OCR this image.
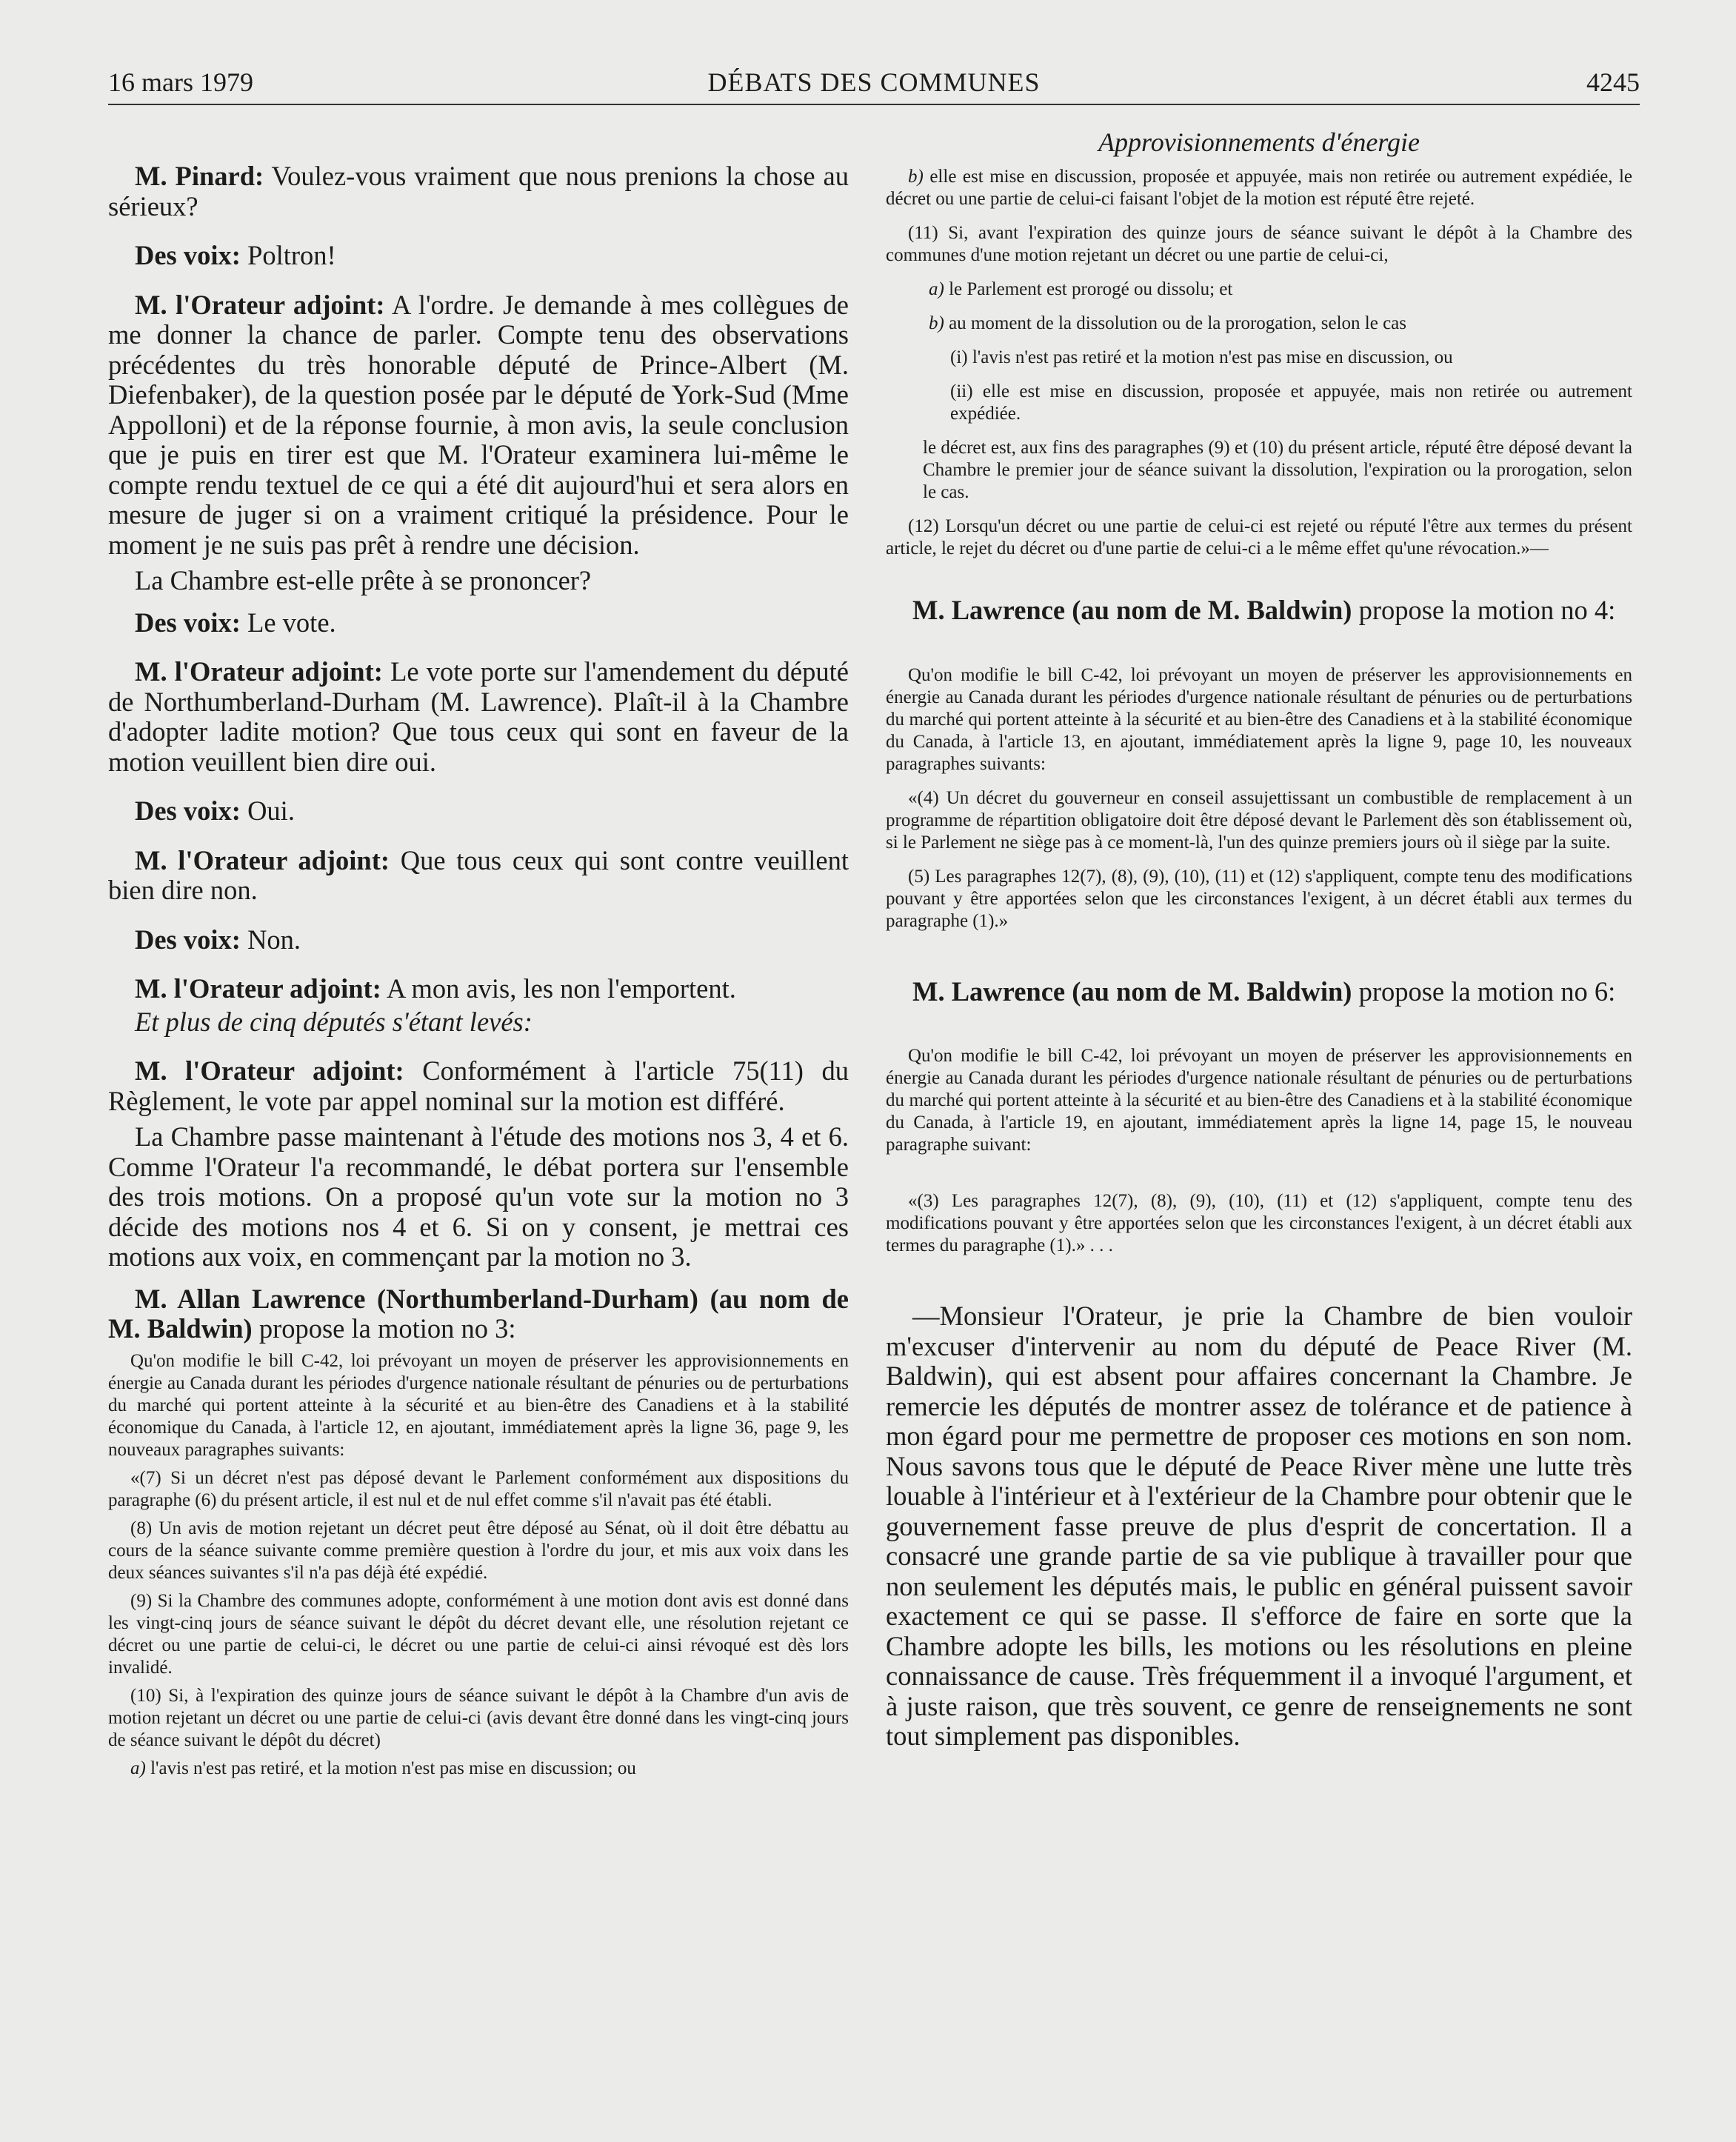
16 mars 1979	DÉBATS DES COMMUNES	4245

M. Pinard: Voulez-vous vraiment que nous prenions la chose au sérieux?

Des voix: Poltron!

M. l'Orateur adjoint: A l'ordre. Je demande à mes collègues de me donner la chance de parler. Compte tenu des observations précédentes du très honorable député de Prince-Albert (M. Diefenbaker), de la question posée par le député de York-Sud (Mme Appolloni) et de la réponse fournie, à mon avis, la seule conclusion que je puis en tirer est que M. l'Orateur examinera lui-même le compte rendu textuel de ce qui a été dit aujourd'hui et sera alors en mesure de juger si on a vraiment critiqué la présidence. Pour le moment je ne suis pas prêt à rendre une décision.

La Chambre est-elle prête à se prononcer?

Des voix: Le vote.

M. l'Orateur adjoint: Le vote porte sur l'amendement du député de Northumberland-Durham (M. Lawrence). Plaît-il à la Chambre d'adopter ladite motion? Que tous ceux qui sont en faveur de la motion veuillent bien dire oui.

Des voix: Oui.

M. l'Orateur adjoint: Que tous ceux qui sont contre veuillent bien dire non.

Des voix: Non.

M. l'Orateur adjoint: A mon avis, les non l'emportent.

Et plus de cinq députés s'étant levés:

M. l'Orateur adjoint: Conformément à l'article 75(11) du Règlement, le vote par appel nominal sur la motion est différé.

La Chambre passe maintenant à l'étude des motions nos 3, 4 et 6. Comme l'Orateur l'a recommandé, le débat portera sur l'ensemble des trois motions. On a proposé qu'un vote sur la motion no 3 décide des motions nos 4 et 6. Si on y consent, je mettrai ces motions aux voix, en commençant par la motion no 3.

M. Allan Lawrence (Northumberland-Durham) (au nom de M. Baldwin) propose la motion no 3:

Qu'on modifie le bill C-42, loi prévoyant un moyen de préserver les approvisionnements en énergie au Canada durant les périodes d'urgence nationale résultant de pénuries ou de perturbations du marché qui portent atteinte à la sécurité et au bien-être des Canadiens et à la stabilité économique du Canada, à l'article 12, en ajoutant, immédiatement après la ligne 36, page 9, les nouveaux paragraphes suivants:

«(7) Si un décret n'est pas déposé devant le Parlement conformément aux dispositions du paragraphe (6) du présent article, il est nul et de nul effet comme s'il n'avait pas été établi.

(8) Un avis de motion rejetant un décret peut être déposé au Sénat, où il doit être débattu au cours de la séance suivante comme première question à l'ordre du jour, et mis aux voix dans les deux séances suivantes s'il n'a pas déjà été expédié.

(9) Si la Chambre des communes adopte, conformément à une motion dont avis est donné dans les vingt-cinq jours de séance suivant le dépôt du décret devant elle, une résolution rejetant ce décret ou une partie de celui-ci, le décret ou une partie de celui-ci ainsi révoqué est dès lors invalidé.

(10) Si, à l'expiration des quinze jours de séance suivant le dépôt à la Chambre d'un avis de motion rejetant un décret ou une partie de celui-ci (avis devant être donné dans les vingt-cinq jours de séance suivant le dépôt du décret)

a) l'avis n'est pas retiré, et la motion n'est pas mise en discussion; ou

Approvisionnements d'énergie

b) elle est mise en discussion, proposée et appuyée, mais non retirée ou autrement expédiée, le décret ou une partie de celui-ci faisant l'objet de la motion est réputé être rejeté.

(11) Si, avant l'expiration des quinze jours de séance suivant le dépôt à la Chambre des communes d'une motion rejetant un décret ou une partie de celui-ci,

a) le Parlement est prorogé ou dissolu; et

b) au moment de la dissolution ou de la prorogation, selon le cas

(i) l'avis n'est pas retiré et la motion n'est pas mise en discussion, ou

(ii) elle est mise en discussion, proposée et appuyée, mais non retirée ou autrement expédiée.

le décret est, aux fins des paragraphes (9) et (10) du présent article, réputé être déposé devant la Chambre le premier jour de séance suivant la dissolution, l'expiration ou la prorogation, selon le cas.

(12) Lorsqu'un décret ou une partie de celui-ci est rejeté ou réputé l'être aux termes du présent article, le rejet du décret ou d'une partie de celui-ci a le même effet qu'une révocation.»—

M. Lawrence (au nom de M. Baldwin) propose la motion no 4:

Qu'on modifie le bill C-42, loi prévoyant un moyen de préserver les approvisionnements en énergie au Canada durant les périodes d'urgence nationale résultant de pénuries ou de perturbations du marché qui portent atteinte à la sécurité et au bien-être des Canadiens et à la stabilité économique du Canada, à l'article 13, en ajoutant, immédiatement après la ligne 9, page 10, les nouveaux paragraphes suivants:

«(4) Un décret du gouverneur en conseil assujettissant un combustible de remplacement à un programme de répartition obligatoire doit être déposé devant le Parlement dès son établissement où, si le Parlement ne siège pas à ce moment-là, l'un des quinze premiers jours où il siège par la suite.

(5) Les paragraphes 12(7), (8), (9), (10), (11) et (12) s'appliquent, compte tenu des modifications pouvant y être apportées selon que les circonstances l'exigent, à un décret établi aux termes du paragraphe (1).»

M. Lawrence (au nom de M. Baldwin) propose la motion no 6:

Qu'on modifie le bill C-42, loi prévoyant un moyen de préserver les approvisionnements en énergie au Canada durant les périodes d'urgence nationale résultant de pénuries ou de perturbations du marché qui portent atteinte à la sécurité et au bien-être des Canadiens et à la stabilité économique du Canada, à l'article 19, en ajoutant, immédiatement après la ligne 14, page 15, le nouveau paragraphe suivant:

«(3) Les paragraphes 12(7), (8), (9), (10), (11) et (12) s'appliquent, compte tenu des modifications pouvant y être apportées selon que les circonstances l'exigent, à un décret établi aux termes du paragraphe (1).» . . .

—Monsieur l'Orateur, je prie la Chambre de bien vouloir m'excuser d'intervenir au nom du député de Peace River (M. Baldwin), qui est absent pour affaires concernant la Chambre. Je remercie les députés de montrer assez de tolérance et de patience à mon égard pour me permettre de proposer ces motions en son nom. Nous savons tous que le député de Peace River mène une lutte très louable à l'intérieur et à l'extérieur de la Chambre pour obtenir que le gouvernement fasse preuve de plus d'esprit de concertation. Il a consacré une grande partie de sa vie publique à travailler pour que non seulement les députés mais, le public en général puissent savoir exactement ce qui se passe. Il s'efforce de faire en sorte que la Chambre adopte les bills, les motions ou les résolutions en pleine connaissance de cause. Très fréquemment il a invoqué l'argument, et à juste raison, que très souvent, ce genre de renseignements ne sont tout simplement pas disponibles.
